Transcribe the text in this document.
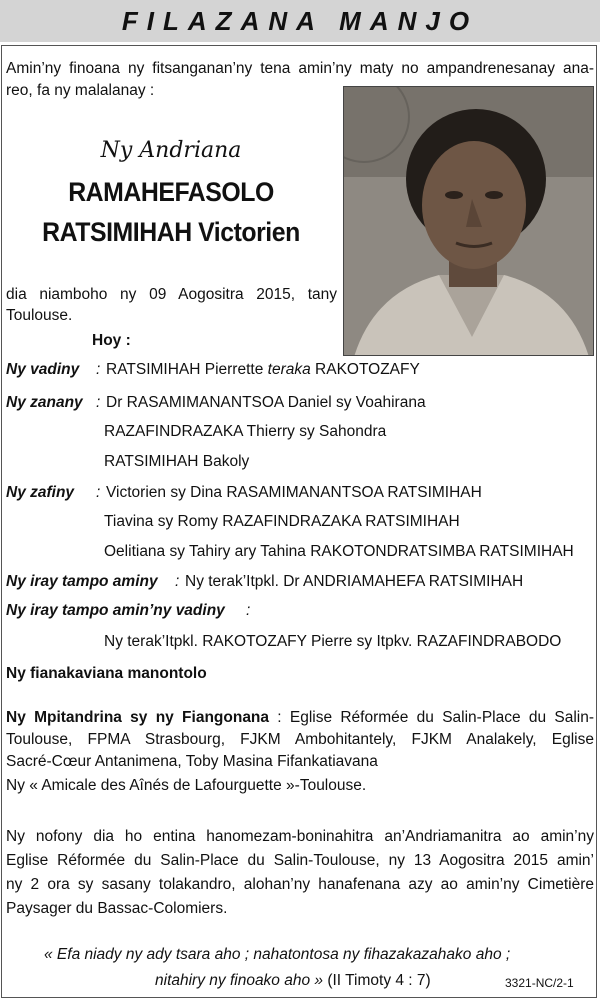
FILAZANA MANJO
Amin’ny finoana ny fitsanganan’ny tena amin’ny maty no ampandrenesanay ana-
reo, fa ny malalanay :
Ny Andriana
RAMAHEFASOLO
RATSIMIHAH Victorien
dia niamboho ny 09 Aogositra 2015, tany
Toulouse.
Hoy :
Ny vadiny : RATSIMIHAH Pierrette teraka RAKOTOZAFY
Ny zanany : Dr RASAMIMANANTSOA Daniel sy Voahirana
RAZAFINDRAZAKA Thierry sy Sahondra
RATSIMIHAH Bakoly
Ny zafiny : Victorien sy Dina RASAMIMANANTSOA RATSIMIHAH
Tiavina sy Romy RAZAFINDRAZAKA RATSIMIHAH
Oelitiana sy Tahiry ary Tahina RAKOTONDRATSIMBA RATSIMIHAH
Ny iray tampo aminy : Ny terak’Itpkl. Dr ANDRIAMAHEFA RATSIMIHAH
Ny iray tampo amin’ny vadiny :
Ny terak’Itpkl. RAKOTOZAFY Pierre sy Itpkv. RAZAFINDRABODO
Ny fianakaviana manontolo
Ny Mpitandrina sy ny Fiangonana : Eglise Réformée du Salin-Place du Salin-
Toulouse, FPMA Strasbourg, FJKM Ambohitantely, FJKM Analakely, Eglise
Sacré-Cœur Antanimena, Toby Masina Fifankatiavana
Ny « Amicale des Aînés de Lafourguette »-Toulouse.
Ny nofony dia ho entina hanomezam-boninahitra an’Andriamanitra ao amin’ny
Eglise Réformée du Salin-Place du Salin-Toulouse, ny 13 Aogositra 2015 amin’
ny 2 ora sy sasany tolakandro, alohan’ny hanafenana azy ao amin’ny Cimetière
Paysager du Bassac-Colomiers.
« Efa niady ny ady tsara aho ; nahatontosa ny fihazakazahako aho ;
nitahiry ny finoako aho » (II Timoty 4 : 7)	3321-NC/2-1
